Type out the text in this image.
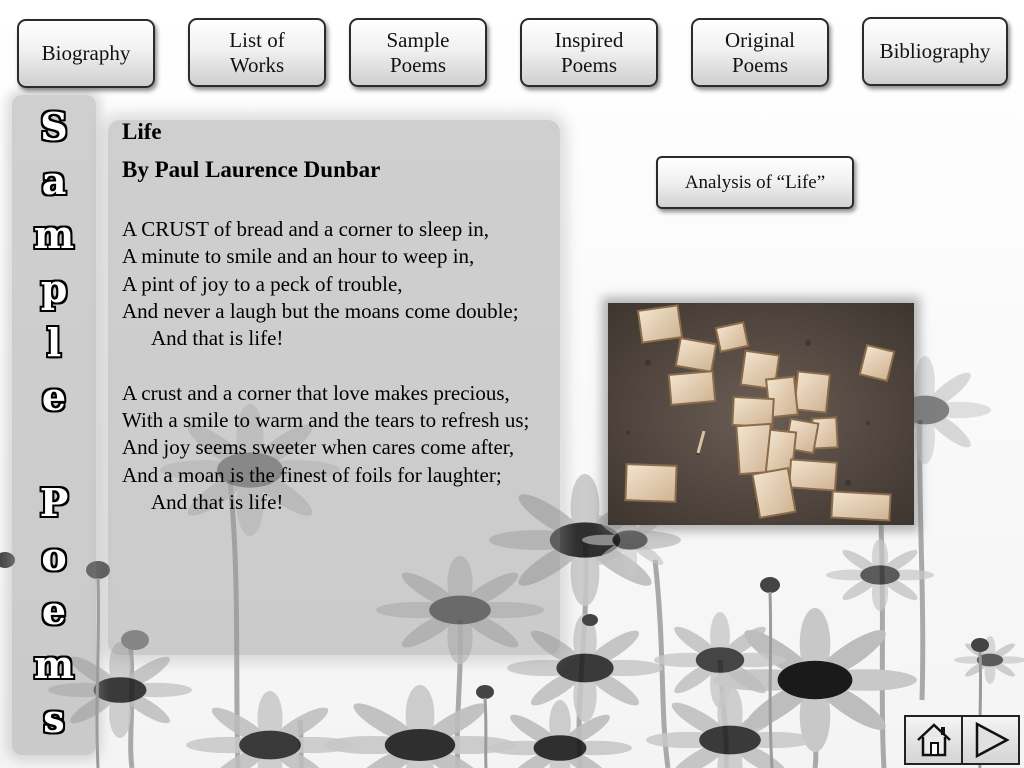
Biography
List of
Works
Sample
Poems
Inspired
Poems
Original
Poems
Bibliography
S
a
m
p
l
e
P
o
e
m
s
Life
By Paul Laurence Dunbar
A CRUST of bread and a corner to sleep in,
A minute to smile and an hour to weep in,
A pint of joy to a peck of trouble,
And never a laugh but the moans come double;
And that is life!
A crust and a corner that love makes precious,
With a smile to warm and the tears to refresh us;
And joy seems sweeter when cares come after,
And a moan is the finest of foils for laughter;
And that is life!
Analysis of “Life”
